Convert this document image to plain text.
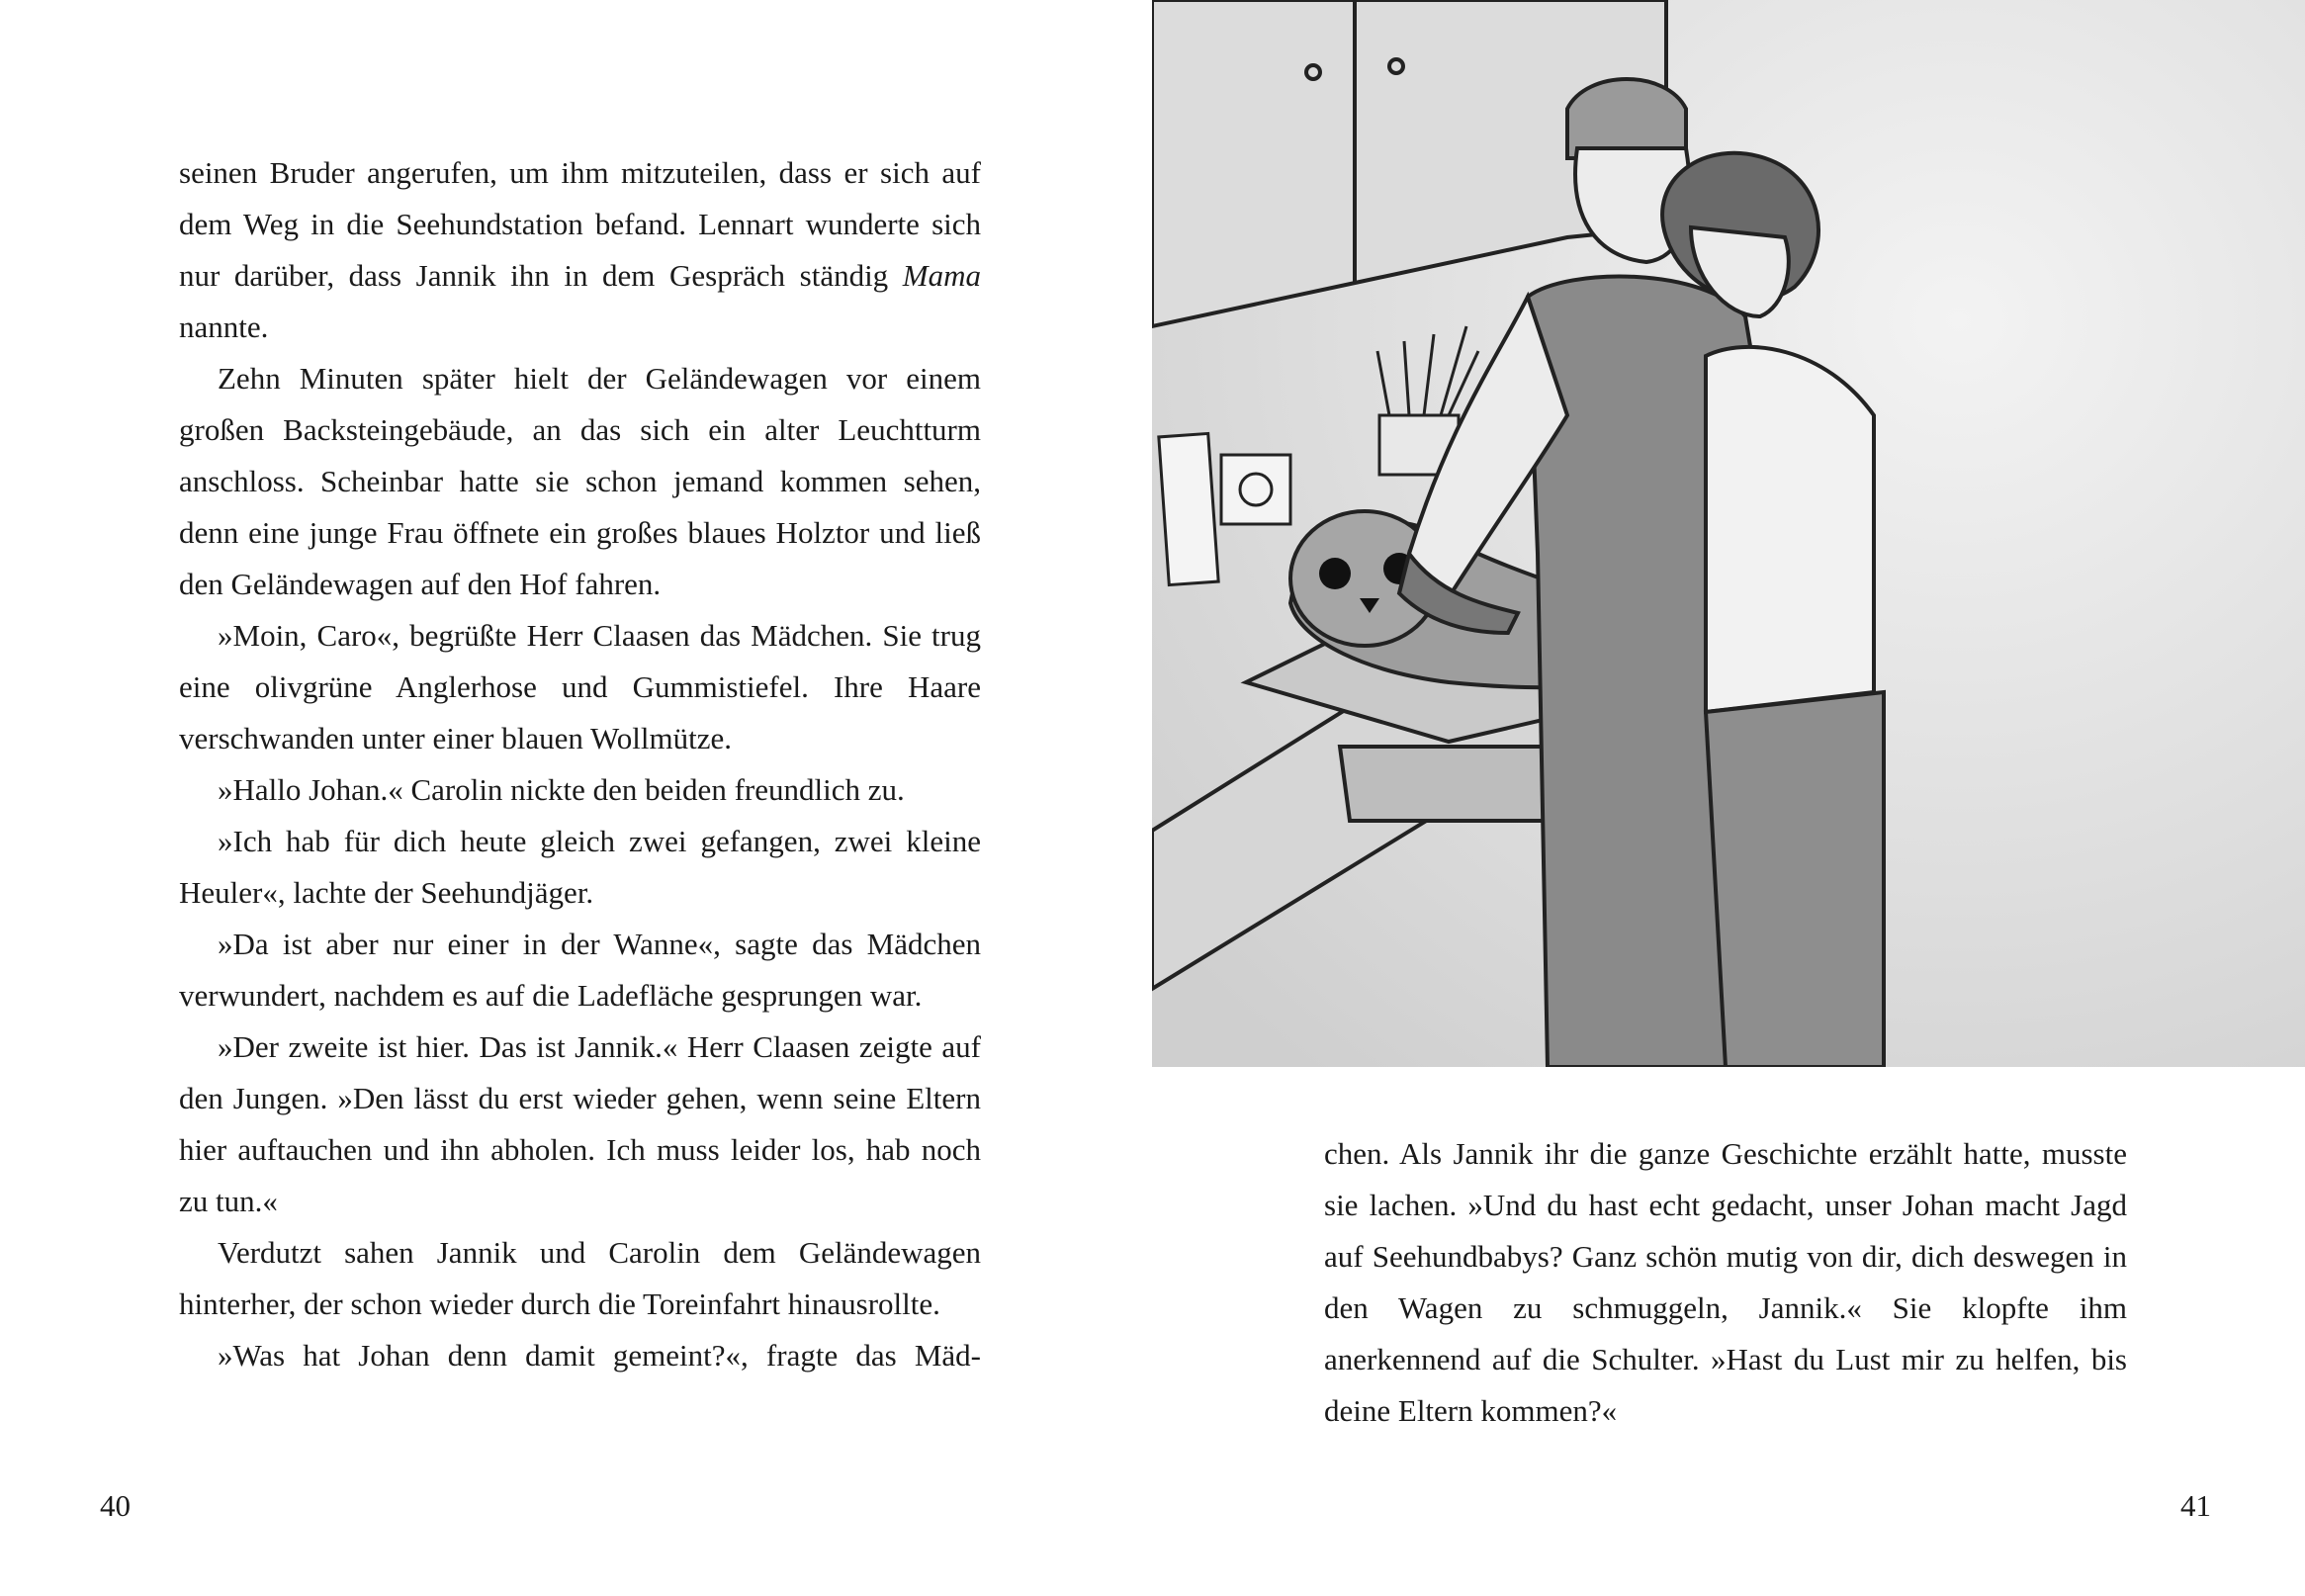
seinen Bruder angerufen, um ihm mitzuteilen, dass er sich auf dem Weg in die Seehundstation befand. Lennart wunderte sich nur darüber, dass Jannik ihn in dem Gespräch ständig Mama nannte.

Zehn Minuten später hielt der Geländewagen vor einem großen Backsteingebäude, an das sich ein alter Leuchtturm anschloss. Scheinbar hatte sie schon jemand kommen sehen, denn eine junge Frau öffnete ein großes blaues Holztor und ließ den Geländewagen auf den Hof fahren.

»Moin, Caro«, begrüßte Herr Claasen das Mädchen. Sie trug eine olivgrüne Anglerhose und Gummistiefel. Ihre Haare verschwanden unter einer blauen Wollmütze.

»Hallo Johan.« Carolin nickte den beiden freundlich zu.

»Ich hab für dich heute gleich zwei gefangen, zwei kleine Heuler«, lachte der Seehundjäger.

»Da ist aber nur einer in der Wanne«, sagte das Mädchen verwundert, nachdem es auf die Ladefläche gesprungen war.

»Der zweite ist hier. Das ist Jannik.« Herr Claasen zeigte auf den Jungen. »Den lässt du erst wieder gehen, wenn seine Eltern hier auftauchen und ihn abholen. Ich muss leider los, hab noch zu tun.«

Verdutzt sahen Jannik und Carolin dem Geländewagen hinterher, der schon wieder durch die Toreinfahrt hinausrollte.

»Was hat Johan denn damit gemeint?«, fragte das Mäd-

40

chen. Als Jannik ihr die ganze Geschichte erzählt hatte, musste sie lachen. »Und du hast echt gedacht, unser Johan macht Jagd auf Seehundbabys? Ganz schön mutig von dir, dich deswegen in den Wagen zu schmuggeln, Jannik.« Sie klopfte ihm anerkennend auf die Schulter. »Hast du Lust mir zu helfen, bis deine Eltern kommen?«

41
